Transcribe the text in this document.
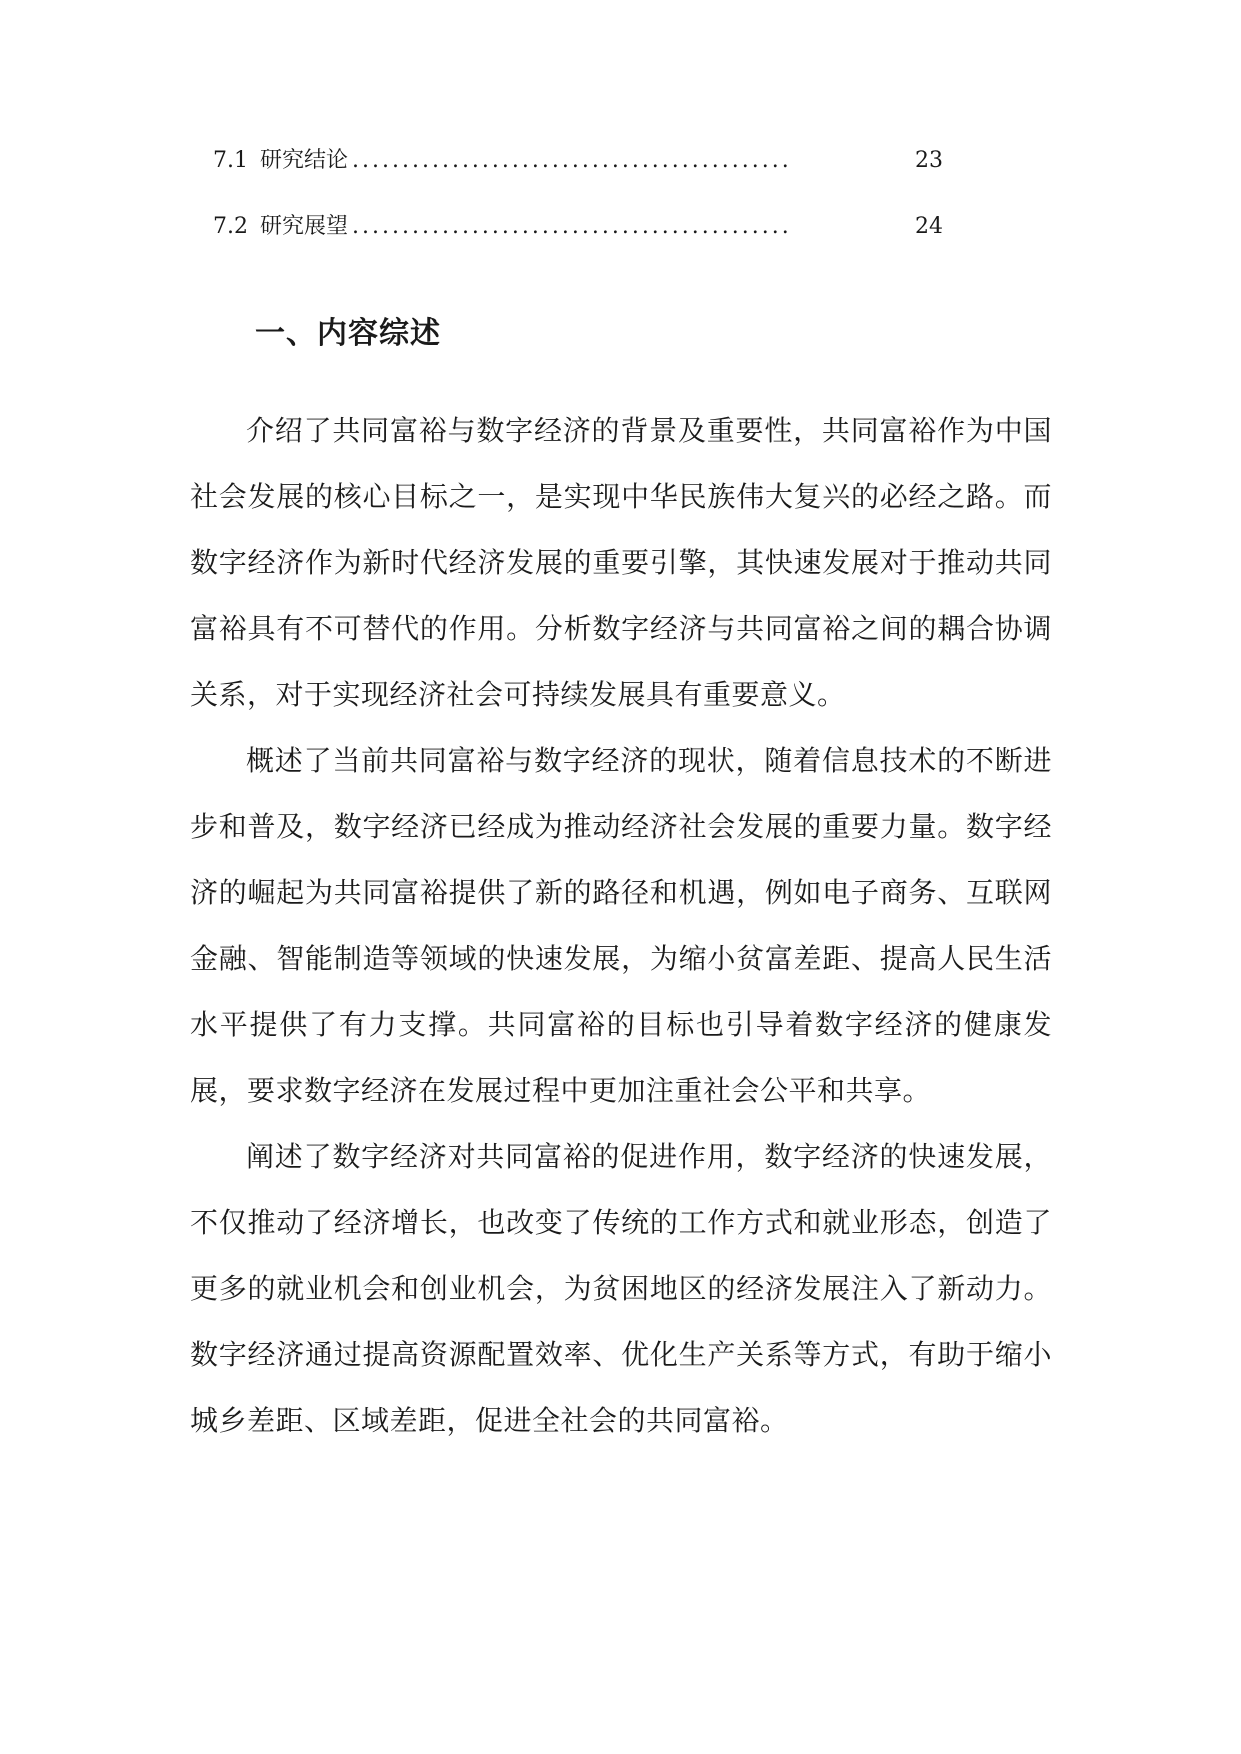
7.1 研究结论 ............................................	23
7.2 研究展望 ............................................	24
一、内容综述

介绍了共同富裕与数字经济的背景及重要性，共同富裕作为中国社会发展的核心目标之一，是实现中华民族伟大复兴的必经之路。而数字经济作为新时代经济发展的重要引擎，其快速发展对于推动共同富裕具有不可替代的作用。分析数字经济与共同富裕之间的耦合协调关系，对于实现经济社会可持续发展具有重要意义。

概述了当前共同富裕与数字经济的现状，随着信息技术的不断进步和普及，数字经济已经成为推动经济社会发展的重要力量。数字经济的崛起为共同富裕提供了新的路径和机遇，例如电子商务、互联网金融、智能制造等领域的快速发展，为缩小贫富差距、提高人民生活水平提供了有力支撑。共同富裕的目标也引导着数字经济的健康发展，要求数字经济在发展过程中更加注重社会公平和共享。

阐述了数字经济对共同富裕的促进作用，数字经济的快速发展，不仅推动了经济增长，也改变了传统的工作方式和就业形态，创造了更多的就业机会和创业机会，为贫困地区的经济发展注入了新动力。数字经济通过提高资源配置效率、优化生产关系等方式，有助于缩小城乡差距、区域差距，促进全社会的共同富裕。
